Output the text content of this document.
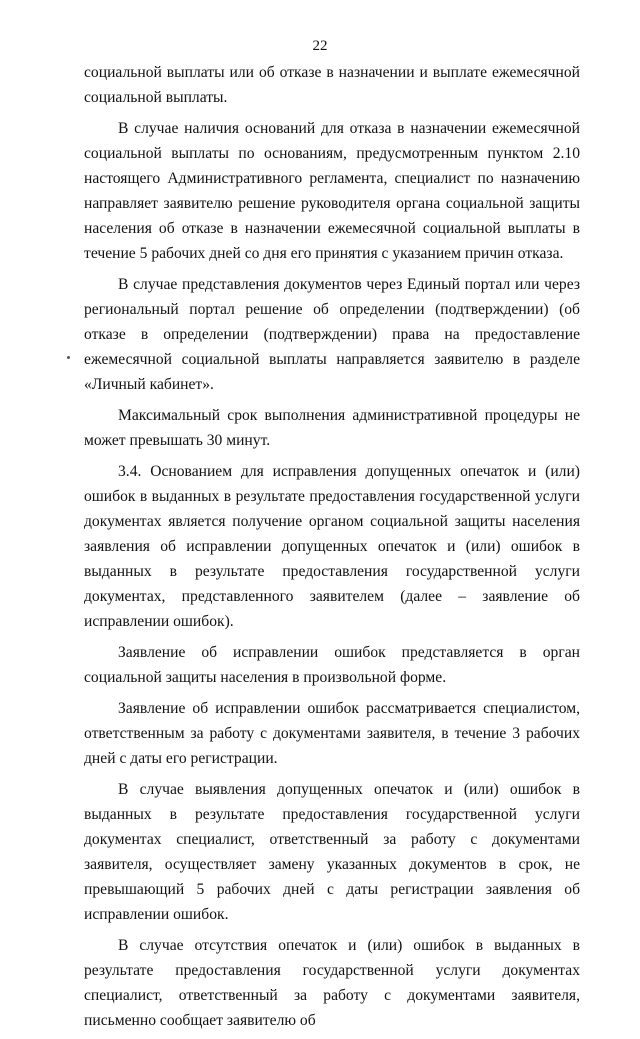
22

социальной выплаты или об отказе в назначении и выплате ежемесячной социальной выплаты.

В случае наличия оснований для отказа в назначении ежемесячной социальной выплаты по основаниям, предусмотренным пунктом 2.10 настоящего Административного регламента, специалист по назначению направляет заявителю решение руководителя органа социальной защиты населения об отказе в назначении ежемесячной социальной выплаты в течение 5 рабочих дней со дня его принятия с указанием причин отказа.

В случае представления документов через Единый портал или через региональный портал решение об определении (подтверждении) (об отказе в определении (подтверждении) права на предоставление ежемесячной социальной выплаты направляется заявителю в разделе «Личный кабинет».

Максимальный срок выполнения административной процедуры не может превышать 30 минут.

3.4. Основанием для исправления допущенных опечаток и (или) ошибок в выданных в результате предоставления государственной услуги документах является получение органом социальной защиты населения заявления об исправлении допущенных опечаток и (или) ошибок в выданных в результате предоставления государственной услуги документах, представленного заявителем (далее – заявление об исправлении ошибок).

Заявление об исправлении ошибок представляется в орган социальной защиты населения в произвольной форме.

Заявление об исправлении ошибок рассматривается специалистом, ответственным за работу с документами заявителя, в течение 3 рабочих дней с даты его регистрации.

В случае выявления допущенных опечаток и (или) ошибок в выданных в результате предоставления государственной услуги документах специалист, ответственный за работу с документами заявителя, осуществляет замену указанных документов в срок, не превышающий 5 рабочих дней с даты регистрации заявления об исправлении ошибок.

В случае отсутствия опечаток и (или) ошибок в выданных в результате предоставления государственной услуги документах специалист, ответственный за работу с документами заявителя, письменно сообщает заявителю об
